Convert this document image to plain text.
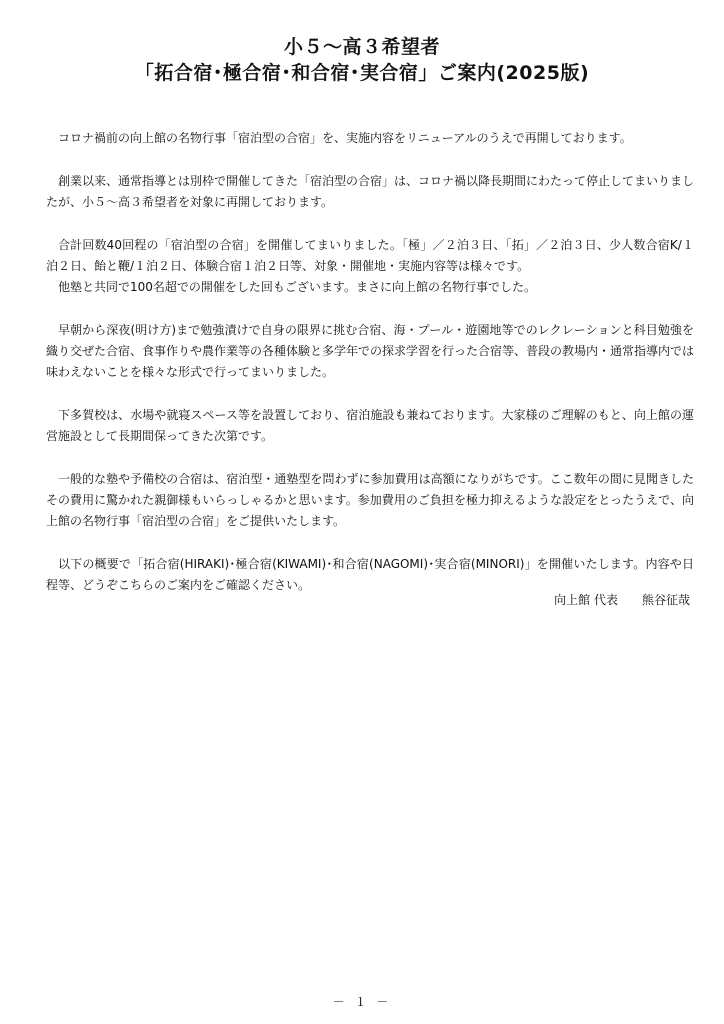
小５～高３希望者
「拓合宿･極合宿･和合宿･実合宿」ご案内(2025版)

コロナ禍前の向上館の名物行事「宿泊型の合宿」を、実施内容をリニューアルのうえで再開しております。

創業以来、通常指導とは別枠で開催してきた「宿泊型の合宿」は、コロナ禍以降長期間にわたって停止してまいりましたが、小５～高３希望者を対象に再開しております。

合計回数40回程の「宿泊型の合宿」を開催してまいりました。「極」／２泊３日、「拓」／２泊３日、少人数合宿K/１泊２日、飴と鞭/１泊２日、体験合宿１泊２日等、対象・開催地・実施内容等は様々です。

他塾と共同で100名超での開催をした回もございます。まさに向上館の名物行事でした。

早朝から深夜(明け方)まで勉強漬けで自身の限界に挑む合宿、海・プール・遊園地等でのレクレーションと科目勉強を織り交ぜた合宿、食事作りや農作業等の各種体験と多学年での探求学習を行った合宿等、普段の教場内・通常指導内では味わえないことを様々な形式で行ってまいりました。

下多賀校は、水場や就寝スペース等を設置しており、宿泊施設も兼ねております。大家様のご理解のもと、向上館の運営施設として長期間保ってきた次第です。

一般的な塾や予備校の合宿は、宿泊型・通塾型を問わずに参加費用は高額になりがちです。ここ数年の間に見聞きしたその費用に驚かれた親御様もいらっしゃるかと思います。参加費用のご負担を極力抑えるような設定をとったうえで、向上館の名物行事「宿泊型の合宿」をご提供いたします。

以下の概要で「拓合宿(HIRAKI)･極合宿(KIWAMI)･和合宿(NAGOMI)･実合宿(MINORI)」を開催いたします。内容や日程等、どうぞこちらのご案内をご確認ください。

向上館 代表　　 熊谷征哉
－ １ －
